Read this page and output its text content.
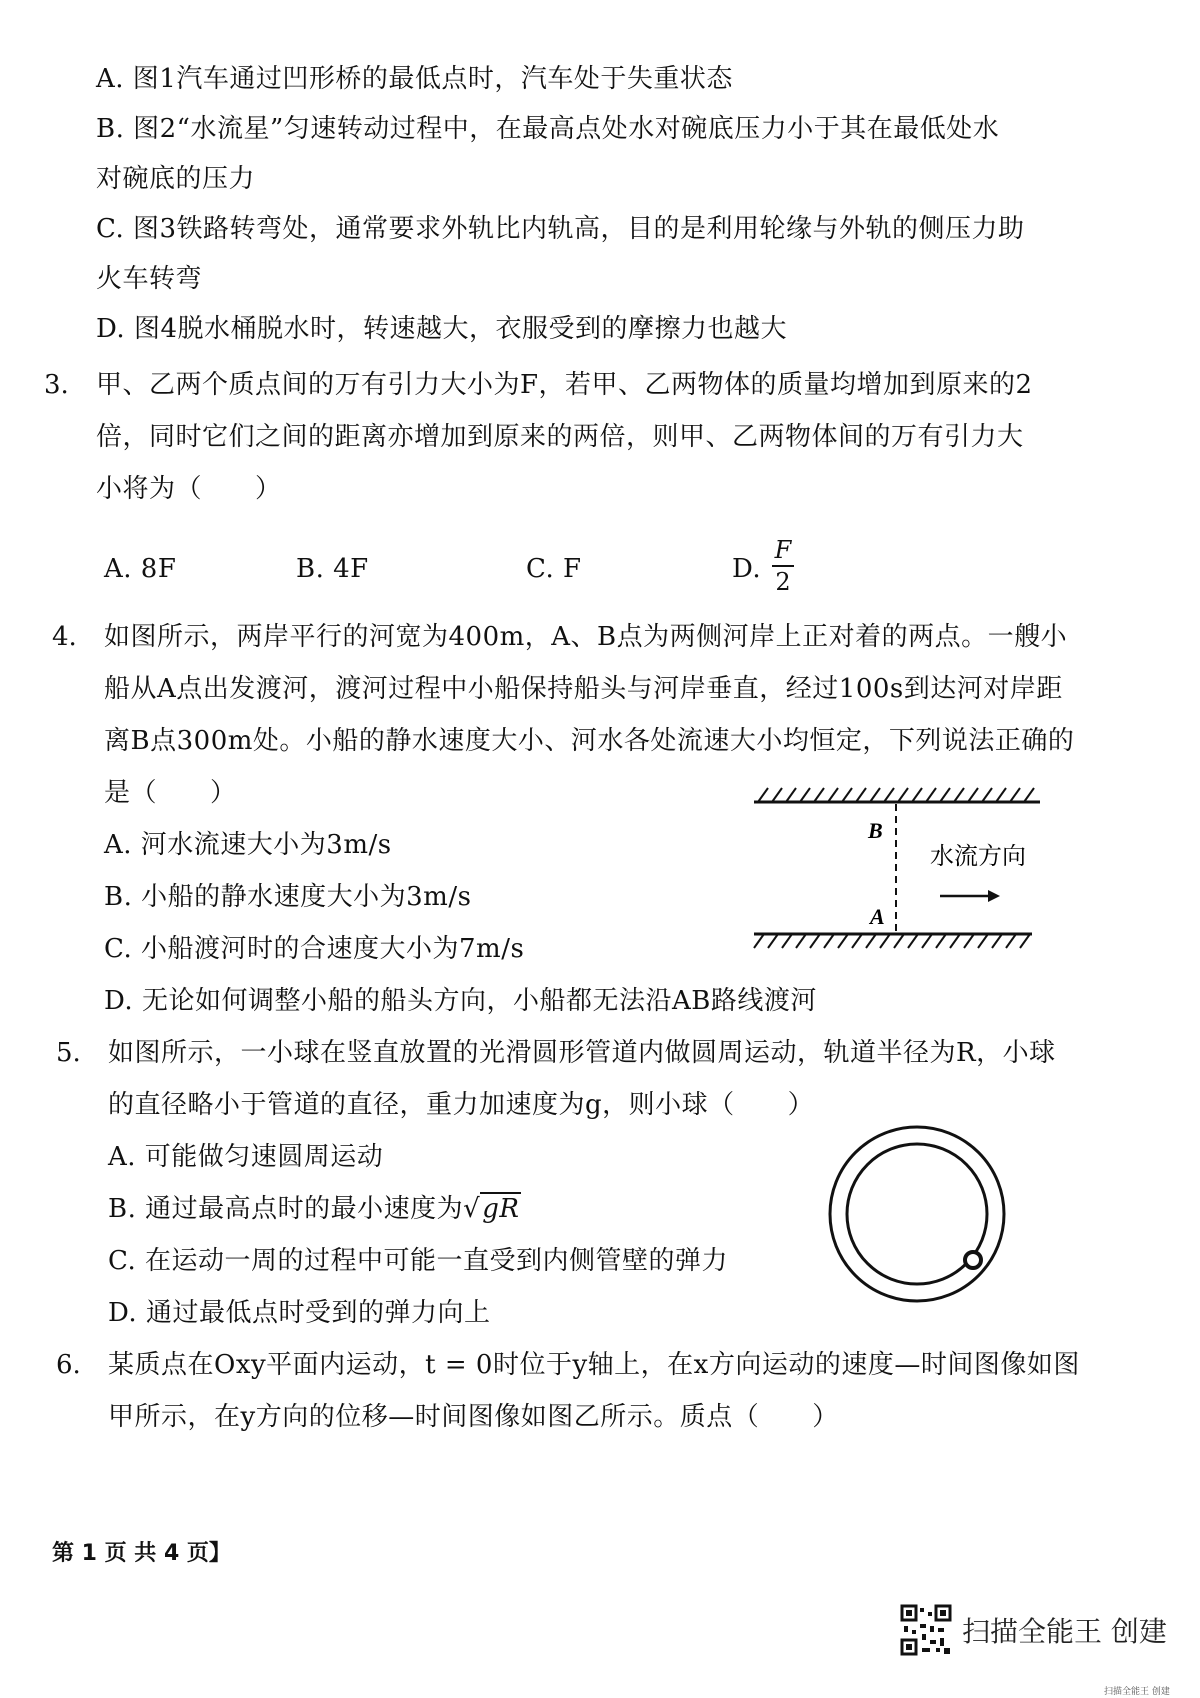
A. 图1汽车通过凹形桥的最低点时，汽车处于失重状态
B. 图2“水流星”匀速转动过程中，在最高点处水对碗底压力小于其在最低处水
对碗底的压力
C. 图3铁路转弯处，通常要求外轨比内轨高，目的是利用轮缘与外轨的侧压力助
火车转弯
D. 图4脱水桶脱水时，转速越大，衣服受到的摩擦力也越大
3. 甲、乙两个质点间的万有引力大小为F，若甲、乙两物体的质量均增加到原来的2
倍，同时它们之间的距离亦增加到原来的两倍，则甲、乙两物体间的万有引力大
小将为（　　）
A. 8F	B. 4F	C. F	D.
F
2
4. 如图所示，两岸平行的河宽为400m，A、B点为两侧河岸上正对着的两点。一艘小
船从A点出发渡河，渡河过程中小船保持船头与河岸垂直，经过100s到达河对岸距
离B点300m处。小船的静水速度大小、河水各处流速大小均恒定，下列说法正确的
是（　　）
A. 河水流速大小为3m/s
B. 小船的静水速度大小为3m/s
C. 小船渡河时的合速度大小为7m/s
D. 无论如何调整小船的船头方向，小船都无法沿AB路线渡河
B
A
水流方向
5. 如图所示，一小球在竖直放置的光滑圆形管道内做圆周运动，轨道半径为R，小球
的直径略小于管道的直径，重力加速度为g，则小球（　　）
A. 可能做匀速圆周运动
B. 通过最高点时的最小速度为√gR
C. 在运动一周的过程中可能一直受到内侧管壁的弹力
D. 通过最低点时受到的弹力向上
6. 某质点在Oxy平面内运动，t = 0时位于y轴上，在x方向运动的速度—时间图像如图
甲所示，在y方向的位移—时间图像如图乙所示。质点（　　）
第 1 页 共 4 页】
扫描全能王 创建
扫描全能王 创建
